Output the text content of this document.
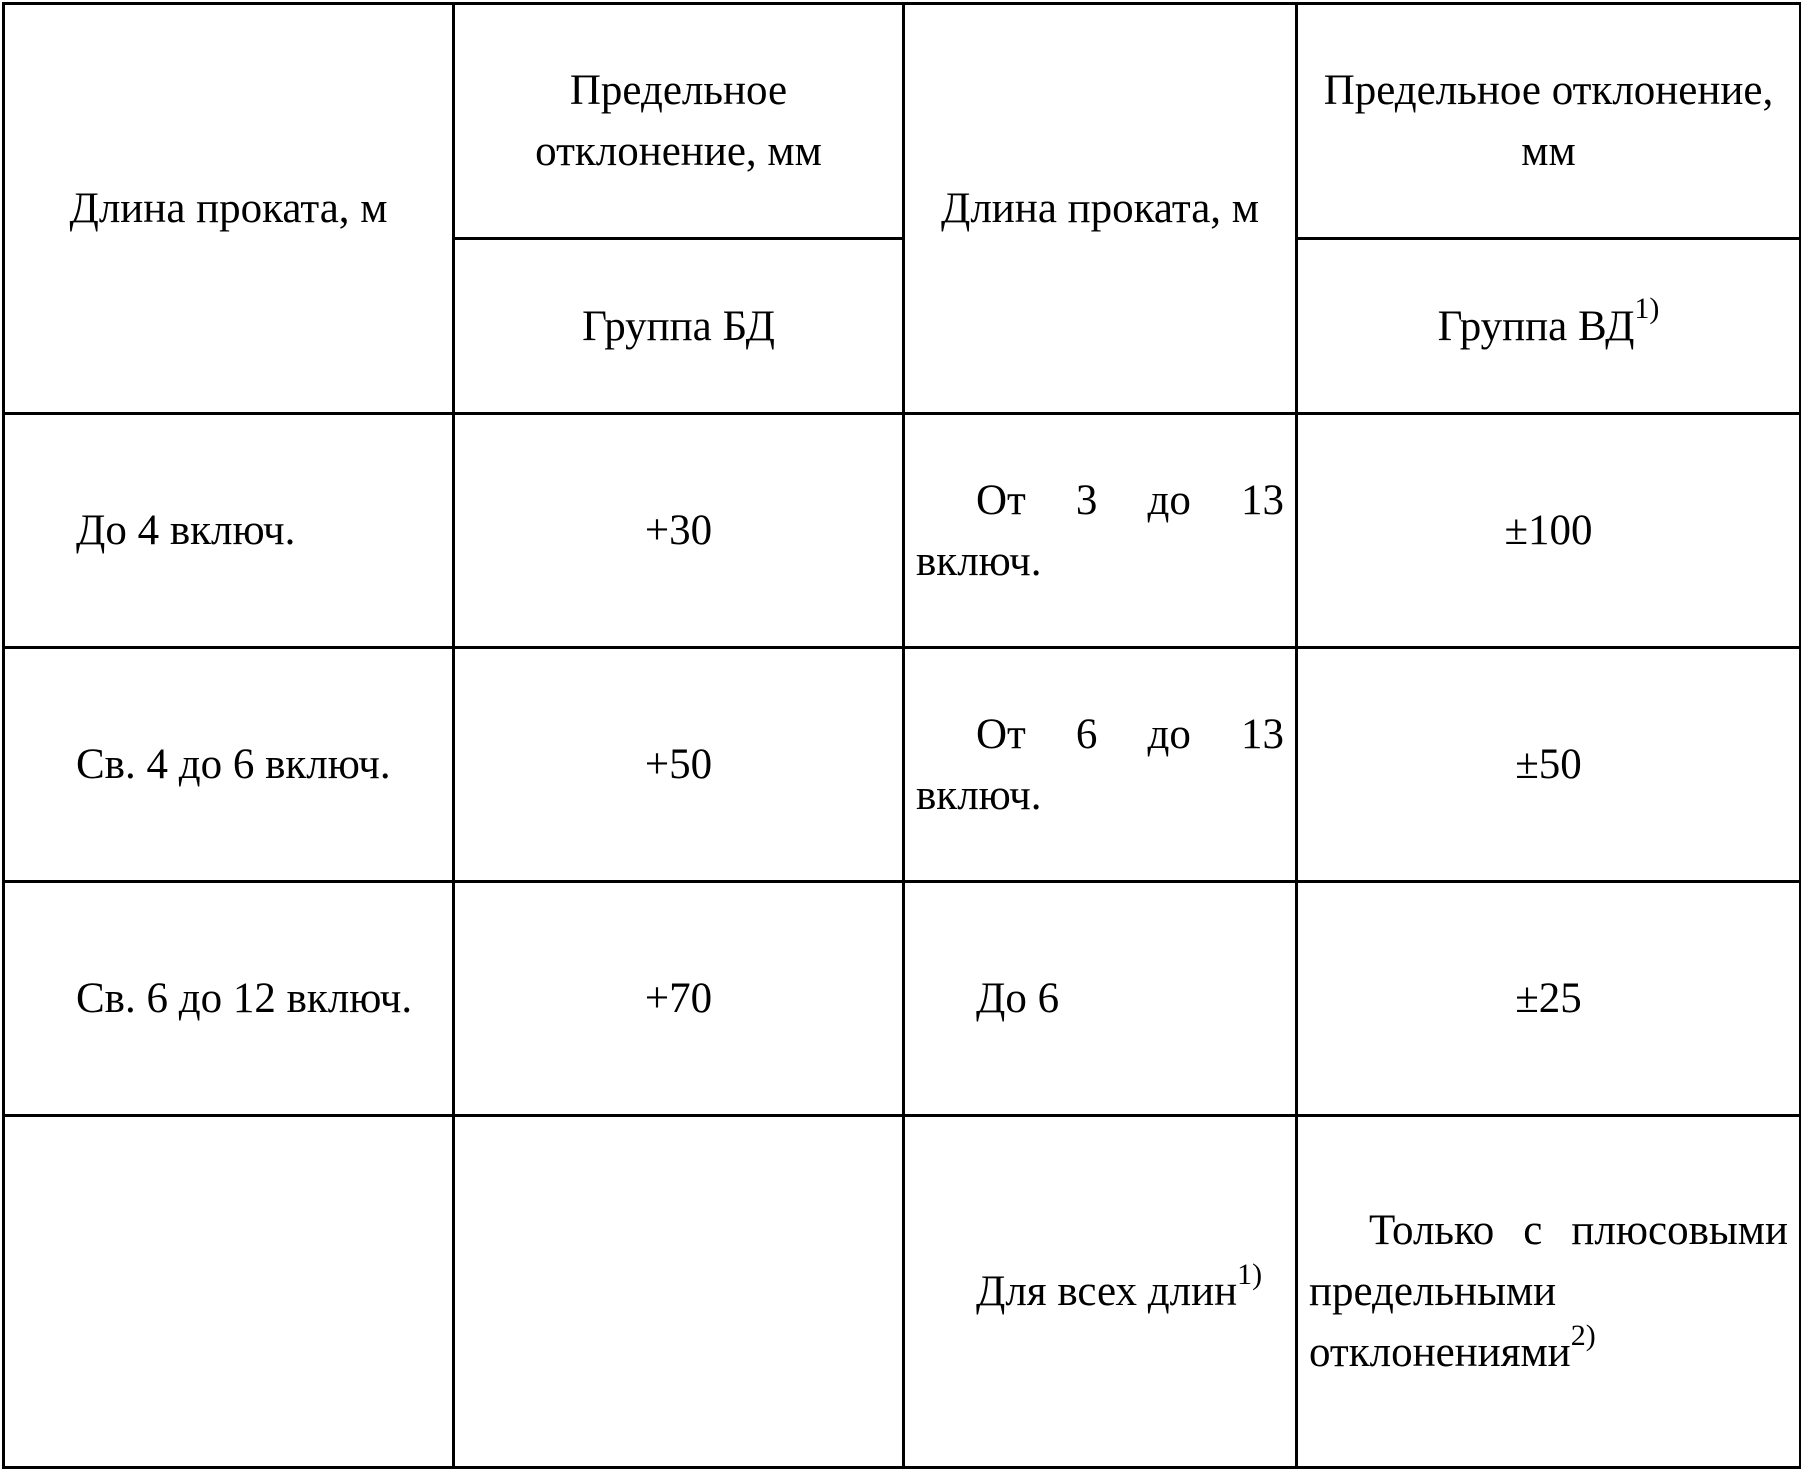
Длина проката, м	Предельное отклонение, мм	Длина проката, м	Предельное отклонение, мм
	Группа БД		Группа ВД$^{1)}$
До 4 включ.	+30	От 3 до 13 включ.	±100
Св. 4 до 6 включ.	+50	От 6 до 13 включ.	±50
Св. 6 до 12 включ.	+70	До 6	±25
		Для всех длин$^{1)}$	Только с плюсовыми предельными отклонениями$^{2)}$
